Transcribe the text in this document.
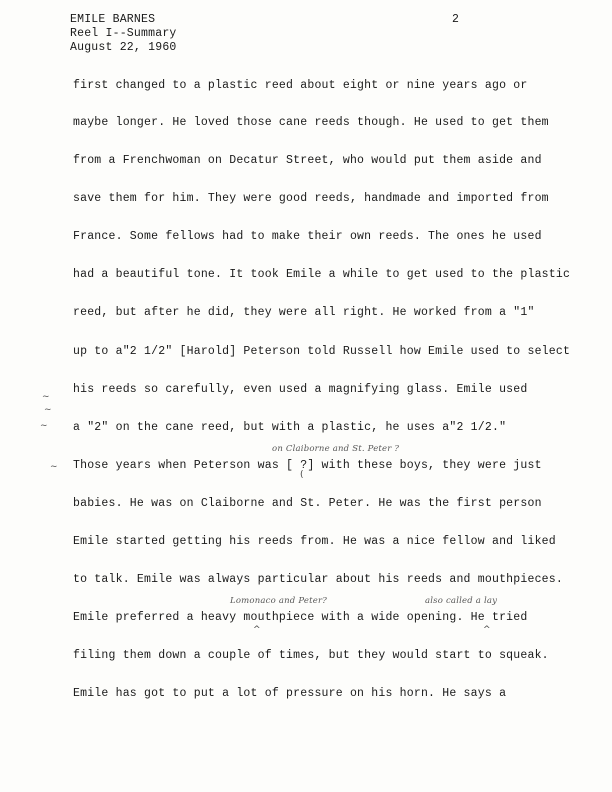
EMILE BARNES
Reel I--Summary
August 22, 1960
2
first changed to a plastic reed about eight or nine years ago or
maybe longer. He loved those cane reeds though. He used to get them
from a Frenchwoman on Decatur Street, who would put them aside and
save them for him. They were good reeds, handmade and imported from
France. Some fellows had to make their own reeds. The ones he used
had a beautiful tone. It took Emile a while to get used to the plastic
reed, but after he did, they were all right. He worked from a "1"
up to a"2 1/2" [Harold] Peterson told Russell how Emile used to select
his reeds so carefully, even used a magnifying glass. Emile used
a "2" on the cane reed, but with a plastic, he uses a"2 1/2."
Those years when Peterson was [ ?] with these boys, they were just
babies. He was on Claiborne and St. Peter. He was the first person
Emile started getting his reeds from. He was a nice fellow and liked
to talk. Emile was always particular about his reeds and mouthpieces.
Emile preferred a heavy mouthpiece with a wide opening. He tried
filing them down a couple of times, but they would start to squeak.
Emile has got to put a lot of pressure on his horn. He says a
on Claiborne and St. Peter ?
Lomonaco and Peter?	also called a lay
^	^
(
~
~
~
~
